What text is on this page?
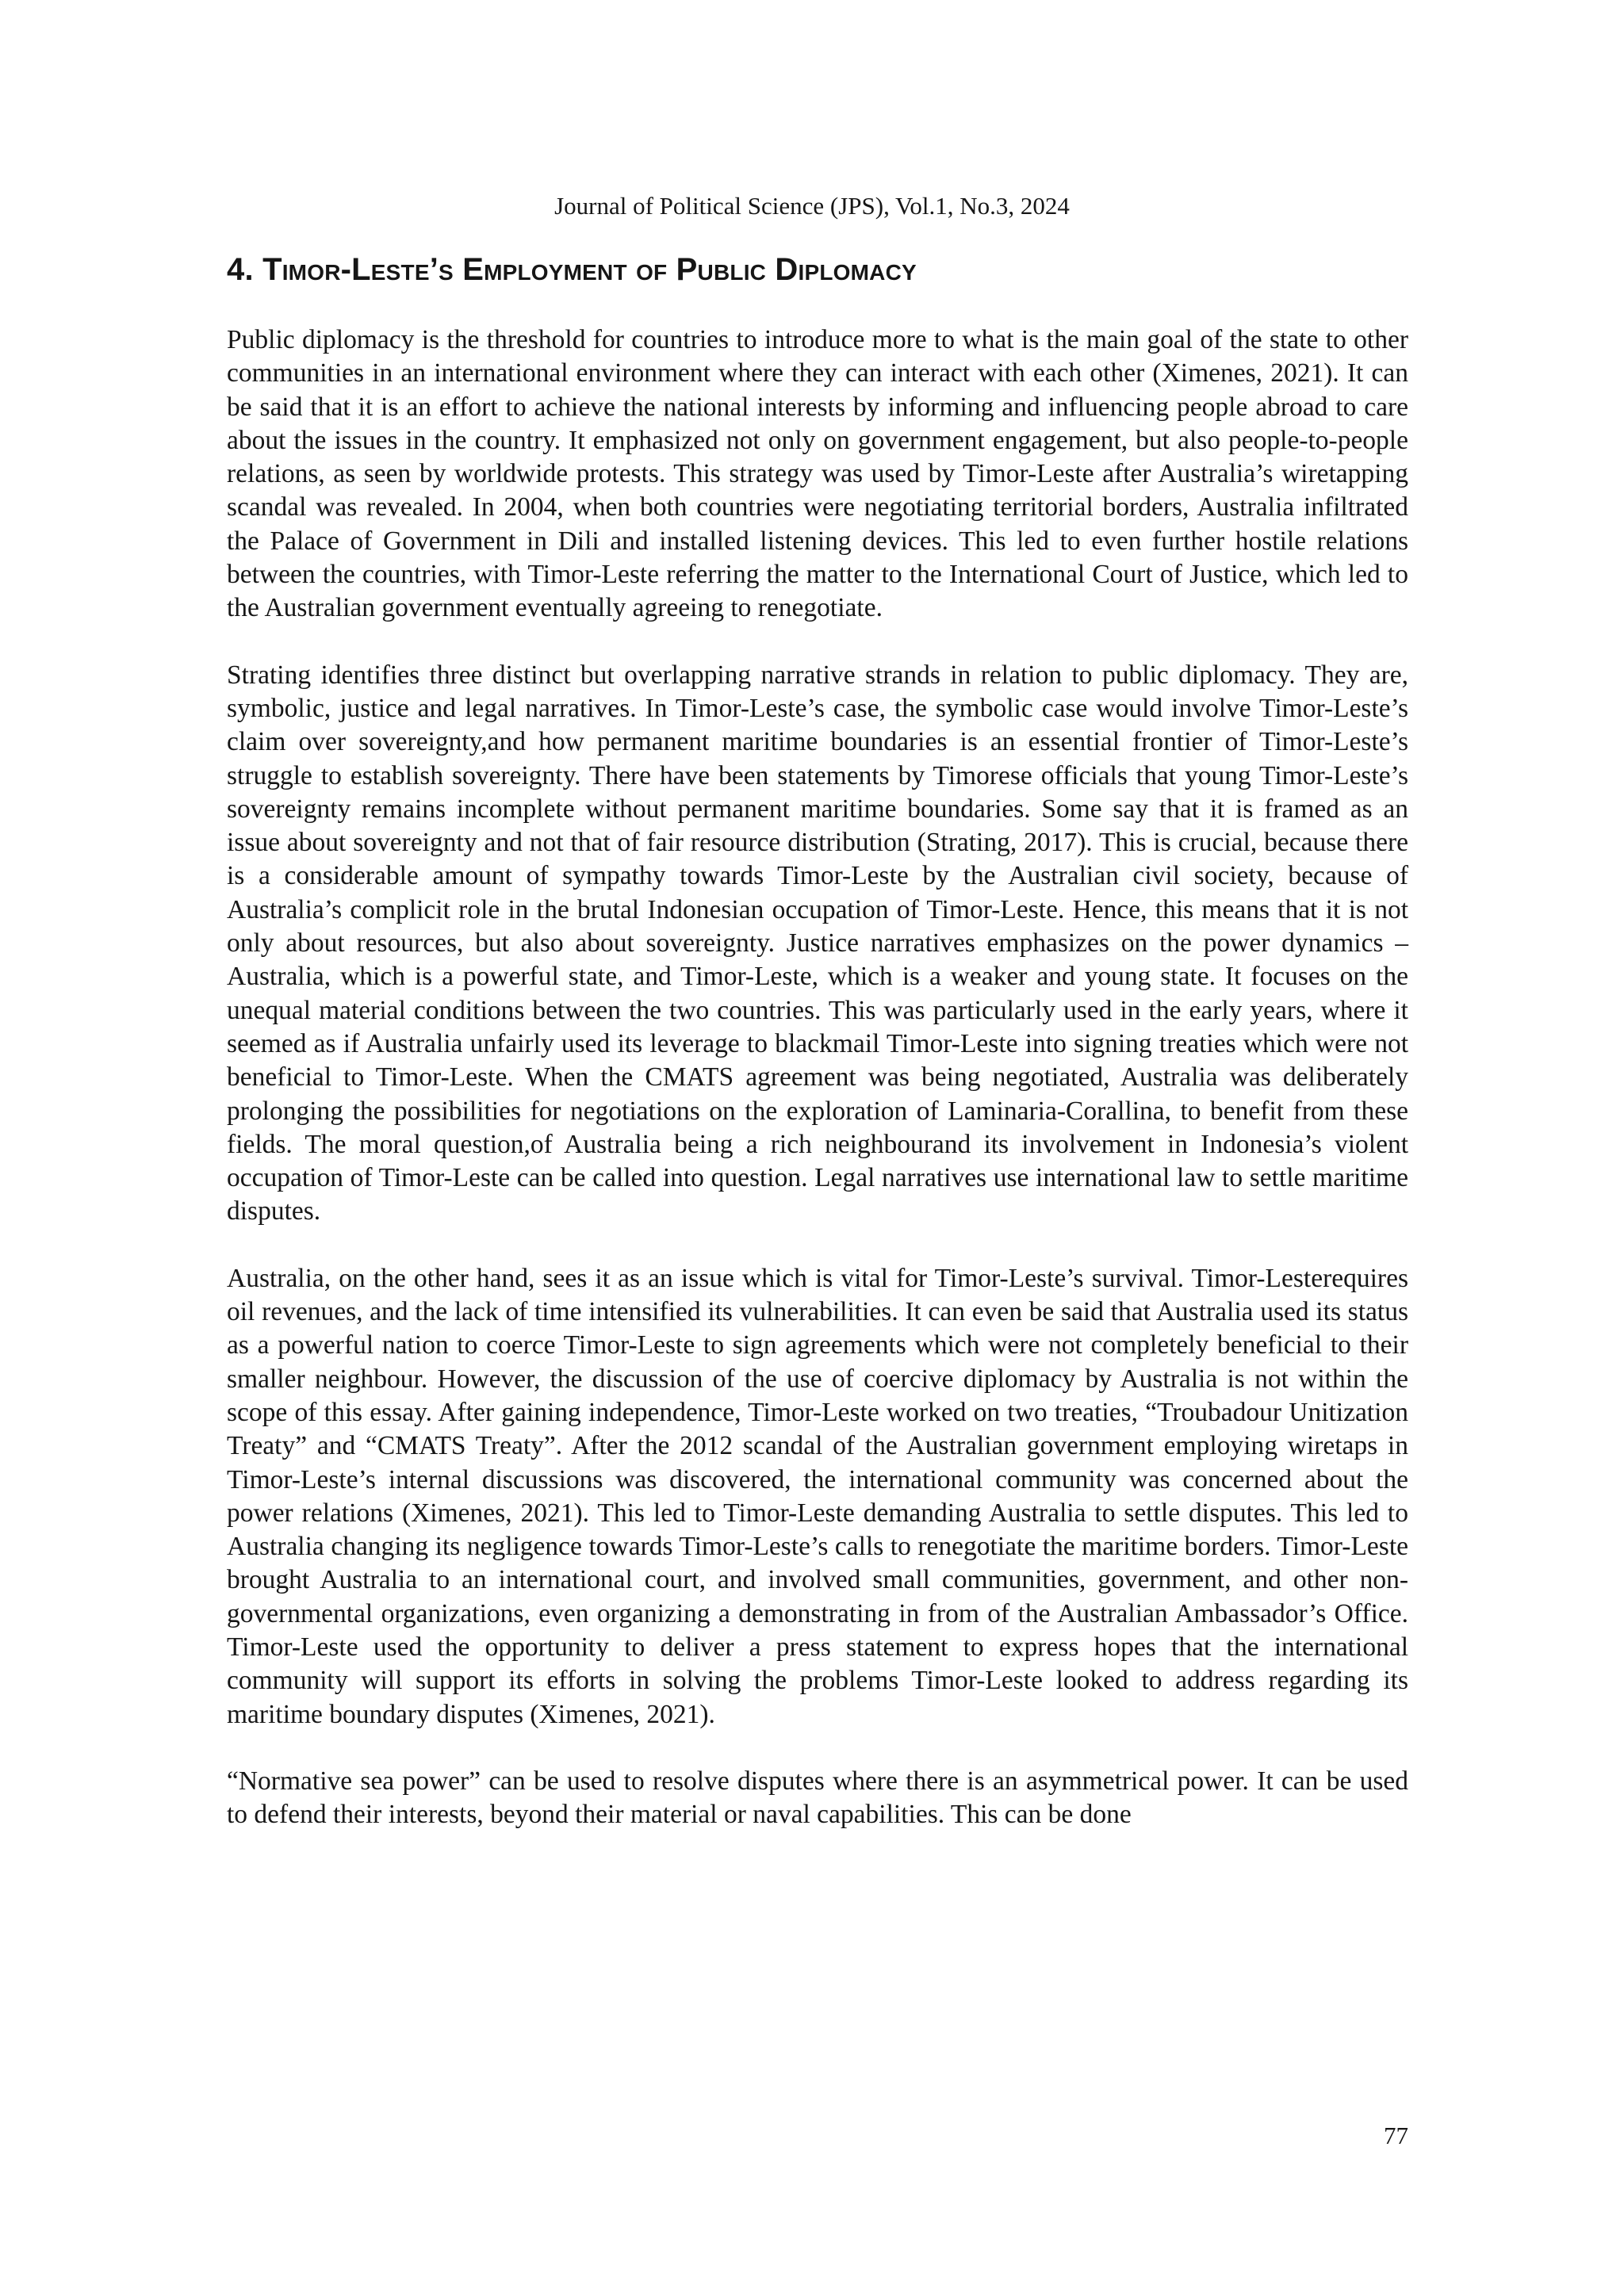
Journal of Political Science (JPS), Vol.1, No.3, 2024
4. Timor-Leste’s Employment of Public Diplomacy

Public diplomacy is the threshold for countries to introduce more to what is the main goal of the state to other communities in an international environment where they can interact with each other (Ximenes, 2021). It can be said that it is an effort to achieve the national interests by informing and influencing people abroad to care about the issues in the country. It emphasized not only on government engagement, but also people-to-people relations, as seen by worldwide protests. This strategy was used by Timor-Leste after Australia’s wiretapping scandal was revealed. In 2004, when both countries were negotiating territorial borders, Australia infiltrated the Palace of Government in Dili and installed listening devices. This led to even further hostile relations between the countries, with Timor-Leste referring the matter to the International Court of Justice, which led to the Australian government eventually agreeing to renegotiate.

Strating identifies three distinct but overlapping narrative strands in relation to public diplomacy. They are, symbolic, justice and legal narratives. In Timor-Leste’s case, the symbolic case would involve Timor-Leste’s claim over sovereignty,and how permanent maritime boundaries is an essential frontier of Timor-Leste’s struggle to establish sovereignty. There have been statements by Timorese officials that young Timor-Leste’s sovereignty remains incomplete without permanent maritime boundaries. Some say that it is framed as an issue about sovereignty and not that of fair resource distribution (Strating, 2017). This is crucial, because there is a considerable amount of sympathy towards Timor-Leste by the Australian civil society, because of Australia’s complicit role in the brutal Indonesian occupation of Timor-Leste. Hence, this means that it is not only about resources, but also about sovereignty. Justice narratives emphasizes on the power dynamics – Australia, which is a powerful state, and Timor-Leste, which is a weaker and young state. It focuses on the unequal material conditions between the two countries. This was particularly used in the early years, where it seemed as if Australia unfairly used its leverage to blackmail Timor-Leste into signing treaties which were not beneficial to Timor-Leste. When the CMATS agreement was being negotiated, Australia was deliberately prolonging the possibilities for negotiations on the exploration of Laminaria-Corallina, to benefit from these fields. The moral question,of Australia being a rich neighbourand its involvement in Indonesia’s violent occupation of Timor-Leste can be called into question. Legal narratives use international law to settle maritime disputes.

Australia, on the other hand, sees it as an issue which is vital for Timor-Leste’s survival. Timor-Lesterequires oil revenues, and the lack of time intensified its vulnerabilities. It can even be said that Australia used its status as a powerful nation to coerce Timor-Leste to sign agreements which were not completely beneficial to their smaller neighbour. However, the discussion of the use of coercive diplomacy by Australia is not within the scope of this essay. After gaining independence, Timor-Leste worked on two treaties, “Troubadour Unitization Treaty” and “CMATS Treaty”. After the 2012 scandal of the Australian government employing wiretaps in Timor-Leste’s internal discussions was discovered, the international community was concerned about the power relations (Ximenes, 2021). This led to Timor-Leste demanding Australia to settle disputes. This led to Australia changing its negligence towards Timor-Leste’s calls to renegotiate the maritime borders. Timor-Leste brought Australia to an international court, and involved small communities, government, and other non-governmental organizations, even organizing a demonstrating in from of the Australian Ambassador’s Office. Timor-Leste used the opportunity to deliver a press statement to express hopes that the international community will support its efforts in solving the problems Timor-Leste looked to address regarding its maritime boundary disputes (Ximenes, 2021).

“Normative sea power” can be used to resolve disputes where there is an asymmetrical power. It can be used to defend their interests, beyond their material or naval capabilities. This can be done

77
